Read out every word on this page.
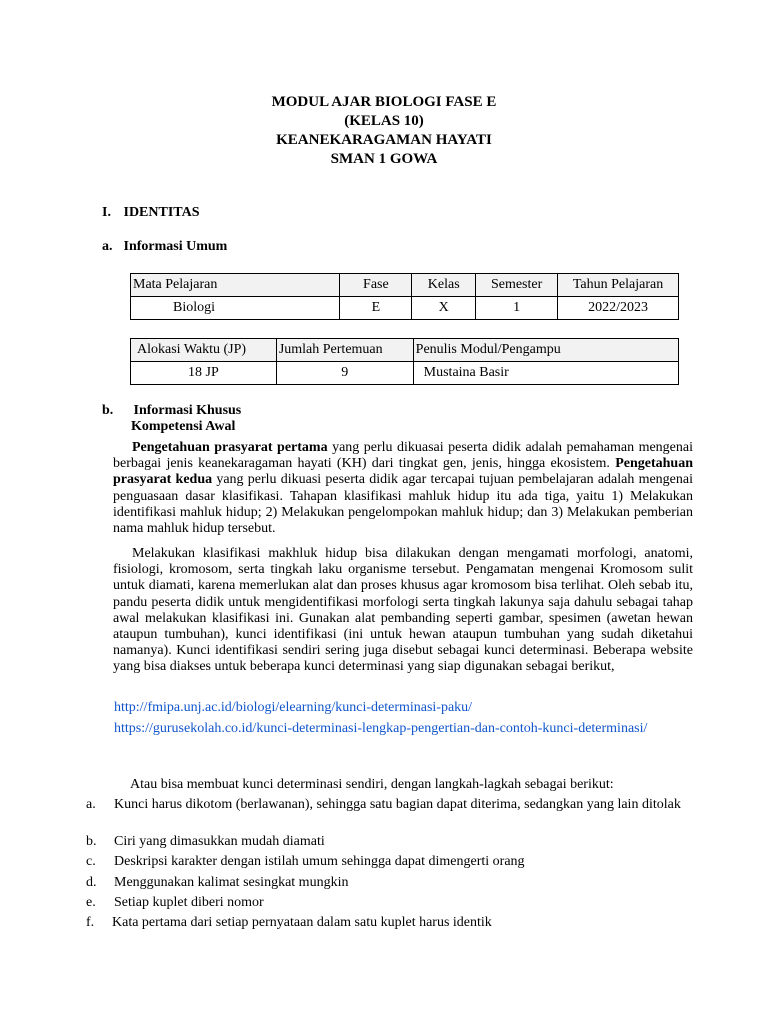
MODUL AJAR BIOLOGI FASE E
(KELAS 10)
KEANEKARAGAMAN HAYATI
SMAN 1 GOWA
I. IDENTITAS
a. Informasi Umum
Mata Pelajaran	Fase	Kelas	Semester	Tahun Pelajaran
Biologi	E	X	1	2022/2023
Alokasi Waktu (JP)	Jumlah Pertemuan	Penulis Modul/Pengampu
18 JP	9	Mustaina Basir
b. Informasi Khusus
Kompetensi Awal

Pengetahuan prasyarat pertama yang perlu dikuasai peserta didik adalah pemahaman mengenai berbagai jenis keanekaragaman hayati (KH) dari tingkat gen, jenis, hingga ekosistem. Pengetahuan prasyarat kedua yang perlu dikuasi peserta didik agar tercapai tujuan pembelajaran adalah mengenai penguasaan dasar klasifikasi. Tahapan klasifikasi mahluk hidup itu ada tiga, yaitu 1) Melakukan identifikasi mahluk hidup; 2) Melakukan pengelompokan mahluk hidup; dan 3) Melakukan pemberian nama mahluk hidup tersebut.

Melakukan klasifikasi makhluk hidup bisa dilakukan dengan mengamati morfologi, anatomi, fisiologi, kromosom, serta tingkah laku organisme tersebut. Pengamatan mengenai Kromosom sulit untuk diamati, karena memerlukan alat dan proses khusus agar kromosom bisa terlihat. Oleh sebab itu, pandu peserta didik untuk mengidentifikasi morfologi serta tingkah lakunya saja dahulu sebagai tahap awal melakukan klasifikasi ini. Gunakan alat pembanding seperti gambar, spesimen (awetan hewan ataupun tumbuhan), kunci identifikasi (ini untuk hewan ataupun tumbuhan yang sudah diketahui namanya). Kunci identifikasi sendiri sering juga disebut sebagai kunci determinasi. Beberapa website yang bisa diakses untuk beberapa kunci determinasi yang siap digunakan sebagai berikut,

http://fmipa.unj.ac.id/biologi/elearning/kunci-determinasi-paku/
https://gurusekolah.co.id/kunci-determinasi-lengkap-pengertian-dan-contoh-kunci-determinasi/
Atau bisa membuat kunci determinasi sendiri, dengan langkah-lagkah sebagai berikut:
a. Kunci harus dikotom (berlawanan), sehingga satu bagian dapat diterima, sedangkan yang lain ditolak
b. Ciri yang dimasukkan mudah diamati
c. Deskripsi karakter dengan istilah umum sehingga dapat dimengerti orang
d. Menggunakan kalimat sesingkat mungkin
e. Setiap kuplet diberi nomor
f. Kata pertama dari setiap pernyataan dalam satu kuplet harus identik
